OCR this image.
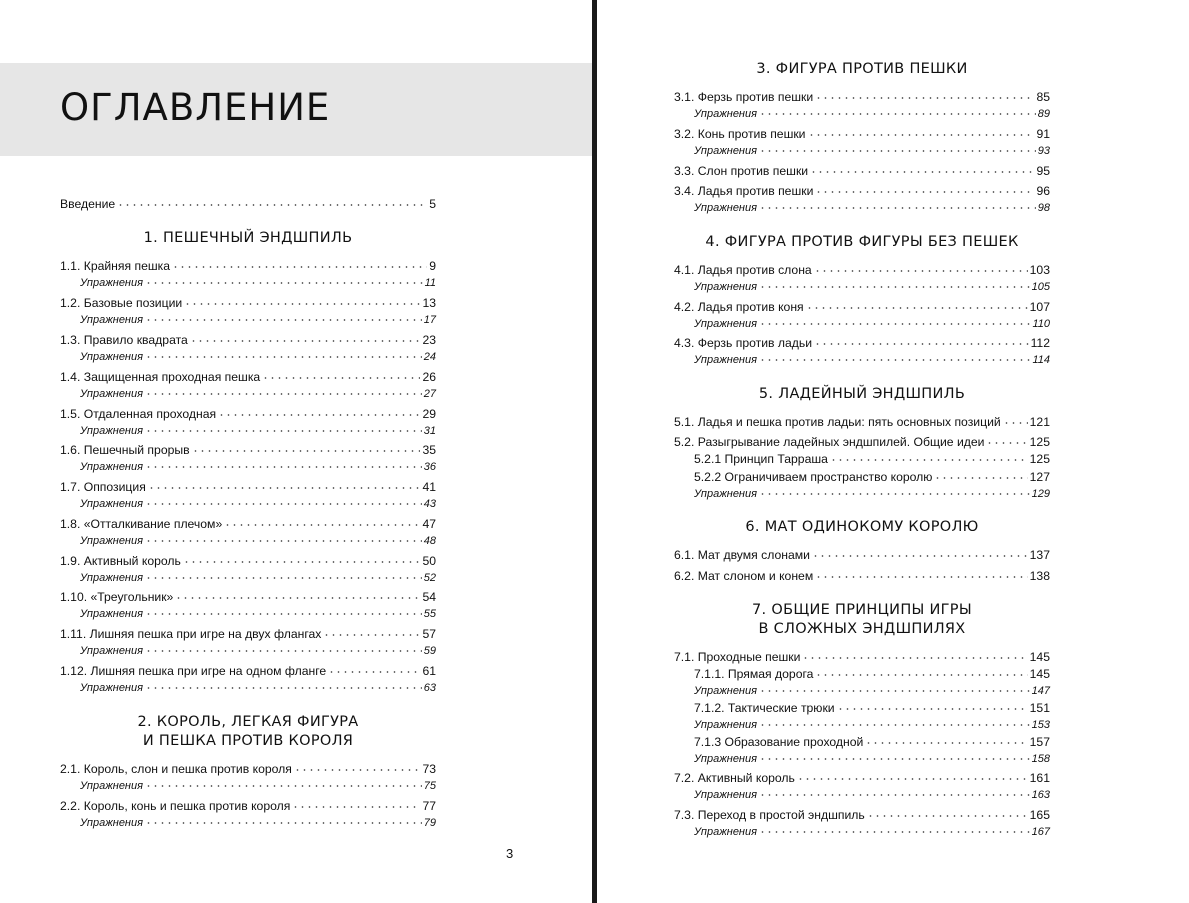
ОГЛАВЛЕНИЕ
Введение	5
1. ПЕШЕЧНЫЙ ЭНДШПИЛЬ
1.1. Крайняя пешка	9
Упражнения	11
1.2. Базовые позиции	13
Упражнения	17
1.3. Правило квадрата	23
Упражнения	24
1.4. Защищенная проходная пешка	26
Упражнения	27
1.5. Отдаленная проходная	29
Упражнения	31
1.6. Пешечный прорыв	35
Упражнения	36
1.7. Оппозиция	41
Упражнения	43
1.8. «Отталкивание плечом»	47
Упражнения	48
1.9. Активный король	50
Упражнения	52
1.10. «Треугольник»	54
Упражнения	55
1.11. Лишняя пешка при игре на двух флангах	57
Упражнения	59
1.12. Лишняя пешка при игре на одном фланге	61
Упражнения	63
2. КОРОЛЬ, ЛЕГКАЯ ФИГУРА
И ПЕШКА ПРОТИВ КОРОЛЯ
2.1. Король, слон и пешка против короля	73
Упражнения	75
2.2. Король, конь и пешка против короля	77
Упражнения	79
3
3. ФИГУРА ПРОТИВ ПЕШКИ
3.1. Ферзь против пешки	85
Упражнения	89
3.2. Конь против пешки	91
Упражнения	93
3.3. Слон против пешки	95
3.4. Ладья против пешки	96
Упражнения	98
4. ФИГУРА ПРОТИВ ФИГУРЫ БЕЗ ПЕШЕК
4.1. Ладья против слона	103
Упражнения	105
4.2. Ладья против коня	107
Упражнения	110
4.3. Ферзь против ладьи	112
Упражнения	114
5. ЛАДЕЙНЫЙ ЭНДШПИЛЬ
5.1. Ладья и пешка против ладьи: пять основных позиций 121
5.2. Разыгрывание ладейных эндшпилей. Общие идеи	125
5.2.1 Принцип Тарраша	125
5.2.2 Ограничиваем пространство королю	127
Упражнения	129
6. МАТ ОДИНОКОМУ КОРОЛЮ
6.1. Мат двумя слонами	137
6.2. Мат слоном и конем	138
7. ОБЩИЕ ПРИНЦИПЫ ИГРЫ
В СЛОЖНЫХ ЭНДШПИЛЯХ
7.1. Проходные пешки	145
7.1.1. Прямая дорога	145
Упражнения	147
7.1.2. Тактические трюки	151
Упражнения	153
7.1.3 Образование проходной	157
Упражнения	158
7.2. Активный король	161
Упражнения	163
7.3. Переход в простой эндшпиль	165
Упражнения	167
